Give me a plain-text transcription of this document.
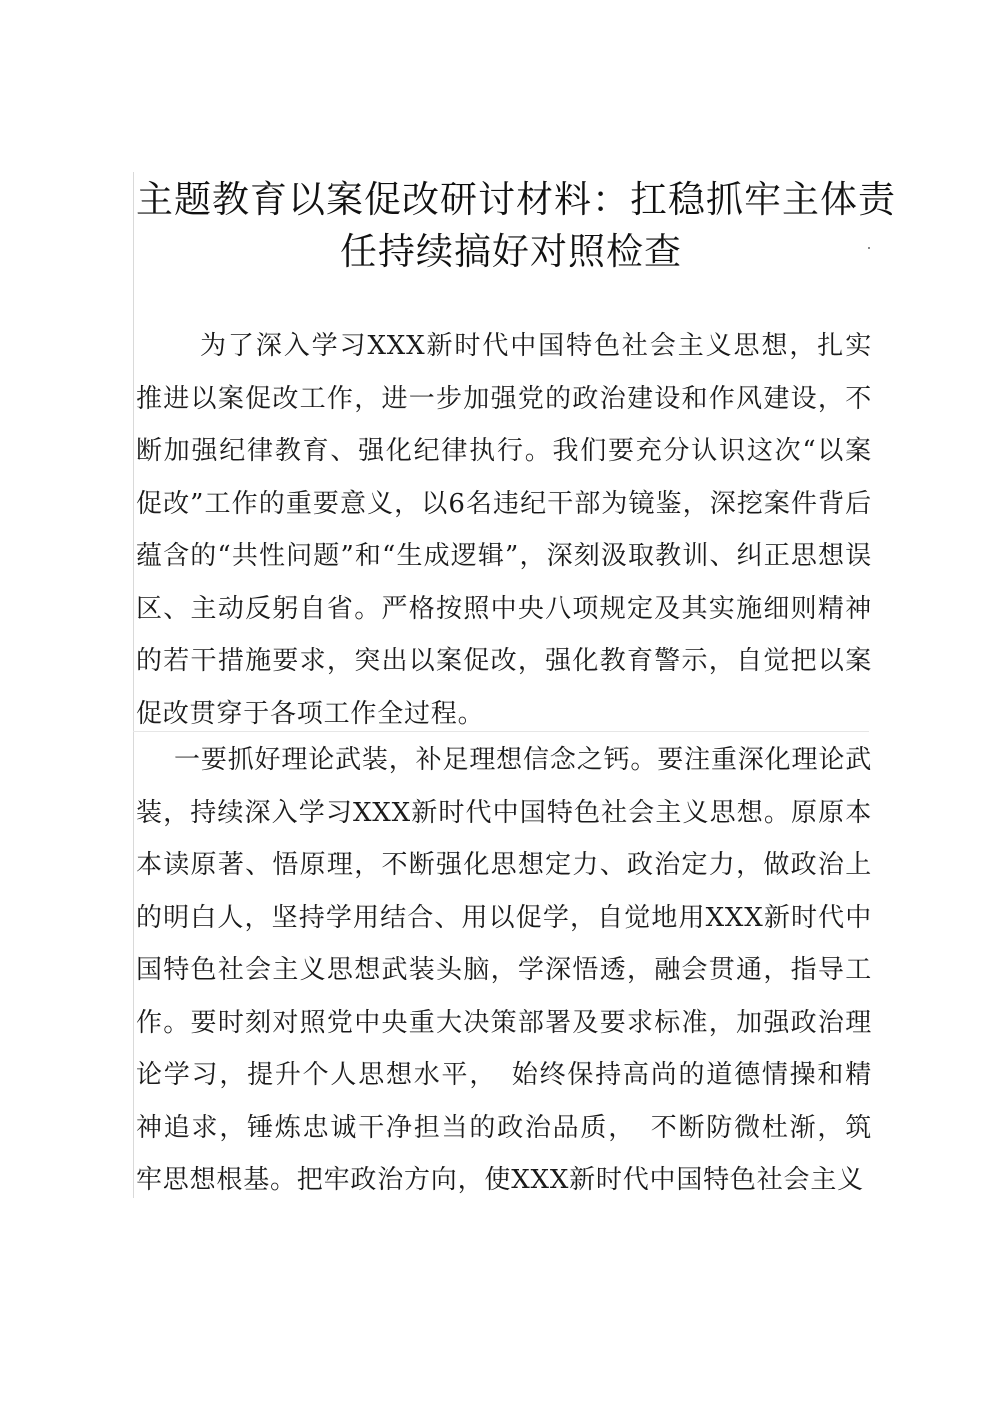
主题教育以案促改研讨材料：扛稳抓牢主体责
任持续搞好对照检查

为了深入学习XXX新时代中国特色社会主义思想，扎实推进以案促改工作，进一步加强党的政治建设和作风建设，不断加强纪律教育、强化纪律执行。我们要充分认识这次“以案促改”工作的重要意义，以6名违纪干部为镜鉴，深挖案件背后蕴含的“共性问题”和“生成逻辑”，深刻汲取教训、纠正思想误区、主动反躬自省。严格按照中央八项规定及其实施细则精神的若干措施要求，突出以案促改，强化教育警示，自觉把以案促改贯穿于各项工作全过程。

一要抓好理论武装，补足理想信念之钙。要注重深化理论武装，持续深入学习XXX新时代中国特色社会主义思想。原原本本读原著、悟原理，不断强化思想定力、政治定力，做政治上的明白人，坚持学用结合、用以促学，自觉地用XXX新时代中国特色社会主义思想武装头脑，学深悟透，融会贯通，指导工作。要时刻对照党中央重大决策部署及要求标准，加强政治理论学习，提升个人思想水平，　始终保持高尚的道德情操和精神追求，锤炼忠诚干净担当的政治品质，　不断防微杜渐，筑牢思想根基。把牢政治方向，使XXX新时代中国特色社会主义
